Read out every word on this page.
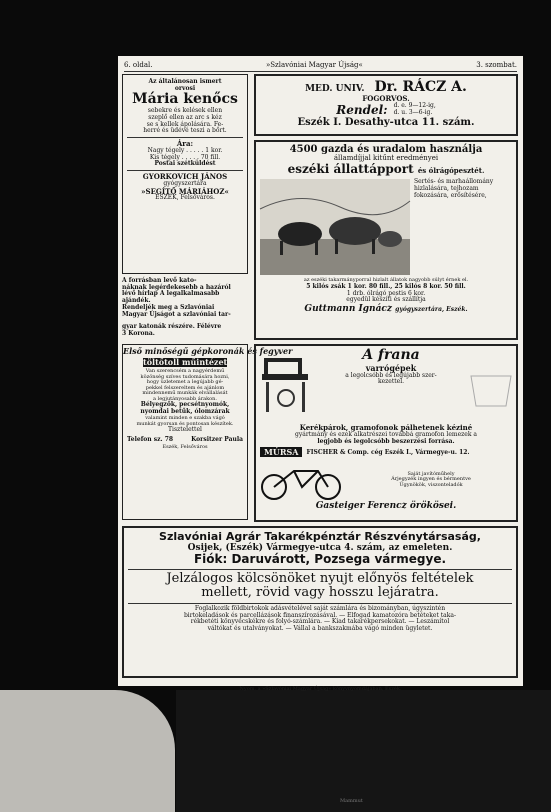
6. oldal.	»Szlavóniai Magyar Újság«	3. szombat.

Az általánosan ismert

orvosi

Mária kenőcs

sebekre és kelések ellen

szeplő ellen az arc s kéz

se s kellek ápolására. Fe-

herré és üdévé teszi a bőrt.

Ára:

Nagy tégely . . . . . 1 kor.

Kis tégely . . . . . 70 fill.

Postai szétküldést

GYORKOVICH JÁNOS

gyógyszertára

»SEGÍTŐ MÁRIÁHOZ«

ESZÉK, Felsőváros.

MED. UNIV. Dr. RÁCZ A.

FOGORVOS.

Rendel: d. e. 9—12-ig,

d. u. 3—6-ig.

Eszék I. Desathy-utca 11. szám.

4500 gazda és uradalom használja

államdíjjal kitűnt eredményei

eszéki állattápport és ólrágópesztét.

Sertés- és marhaállomány

hizlalására, tejhozam

fokozására, erősítésére,

az eszéki takarmányporral hizlalt állatok nagyobb súlyt érnek el.

5 kilós zsák 1 kor. 80 fill., 25 kilós 8 kor. 50 fill.

1 drb. ólrágó pestis 6 kor.

egyedül készíti és szállítja

Guttmann Ignácz gyógyszertára, Eszék.

A forrásban levő kato-

náknak legérdekesebb a hazáról

lévő hírlap A legalkalmasabb

ajándék.

Rendeljék meg a Szlavóniai

Magyar Újságot a szlavóniai tar-

gyar katonák részére. Félévre

3 Korona.

Első minőségű gépkoronák és fegyver

töltőtoll műintézet.

Van szerencsém a nagyérdemű

közönség szíves tudomására hozni,

hogy üzletemet a legújabb gé-

pekkel felszereltem és ajánlom

mindennemű munkák elvállalását

a legjutányosabb árakon.

Bélyegzők, pecsétnyomók,

nyomdai betűk, ólomzárak

valamint minden e szakba vágó

munkát gyorsan és pontosan készítek.

Tisztelettel

Telefon sz. 78	Korsitzer Paula

Eszék, Felsőváros

A frana

varrógépek

a legolcsóbb és legújabb szer-

kezettel.

Kerékpárok, gramofonok pálhetenek kéziné

gyártmány és ezek alkatrészei továbbá gramofon lemezek a

legjobb és legolcsóbb beszerzési forrása.

MÚRSA	FISCHER & Comp. cég Eszék I., Vármegye-u. 12.

Saját javítóműhely

Árjegyzék ingyen és bérmentve

Ügynökök, viszonteladók

Gasteiger Ferencz örökösei.

Szlavóniai Agrár Takarékpénztár Részvénytársaság,

Osijek, (Eszék) Vármegye-utca 4. szám, az emeleten.

Fiók: Daruvárott, Pozsega vármegye.

Jelzálogos kölcsönöket nyujt előnyös feltételek

mellett, rövid vagy hosszu lejáratra.

Foglalkozik földbirtokok adásvételével saját számlára és bizományban, úgyszintén

birtokeladások és parcellázások finanszírozásával. — Elfogad kamatozóra betéteket taka-

rékbetéti könyvecskékre és folyó-számlára. — Kiad takarékpersekokat. — Leszámítol

váltókat és utalványokat. — Vállal a bankszakmába vágó minden ügyletet.

Nyom. a »Szlavóniai Magyar Újság« könyvnyomdájában, Eszék.
Mammut
